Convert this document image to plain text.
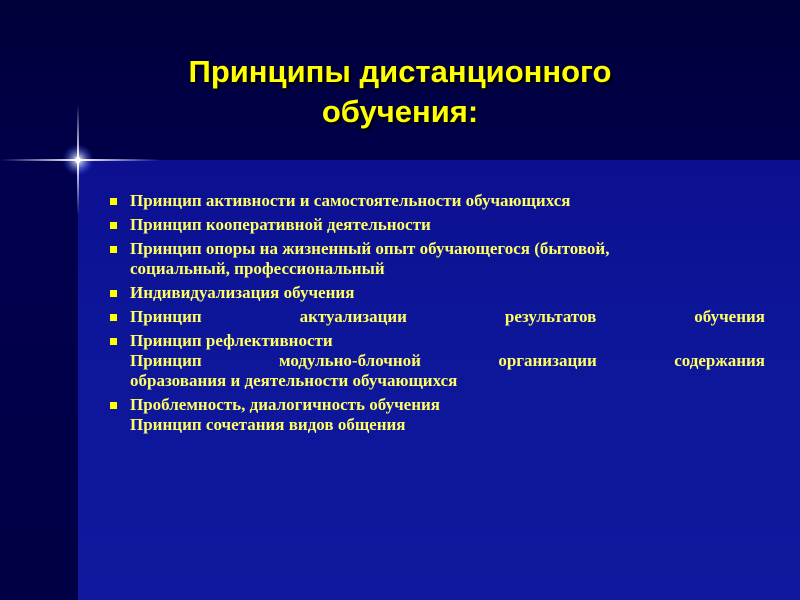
Принципы дистанционного обучения:
Принцип активности и самостоятельности обучающихся
Принцип кооперативной деятельности
Принцип опоры на жизненный опыт обучающегося (бытовой,
социальный, профессиональный
Индивидуализация обучения
Принцип актуализации результатов обучения
Принцип рефлективности
Принцип модульно-блочной организации содержания
образования и деятельности обучающихся
Проблемность, диалогичность обучения
Принцип сочетания видов общения
